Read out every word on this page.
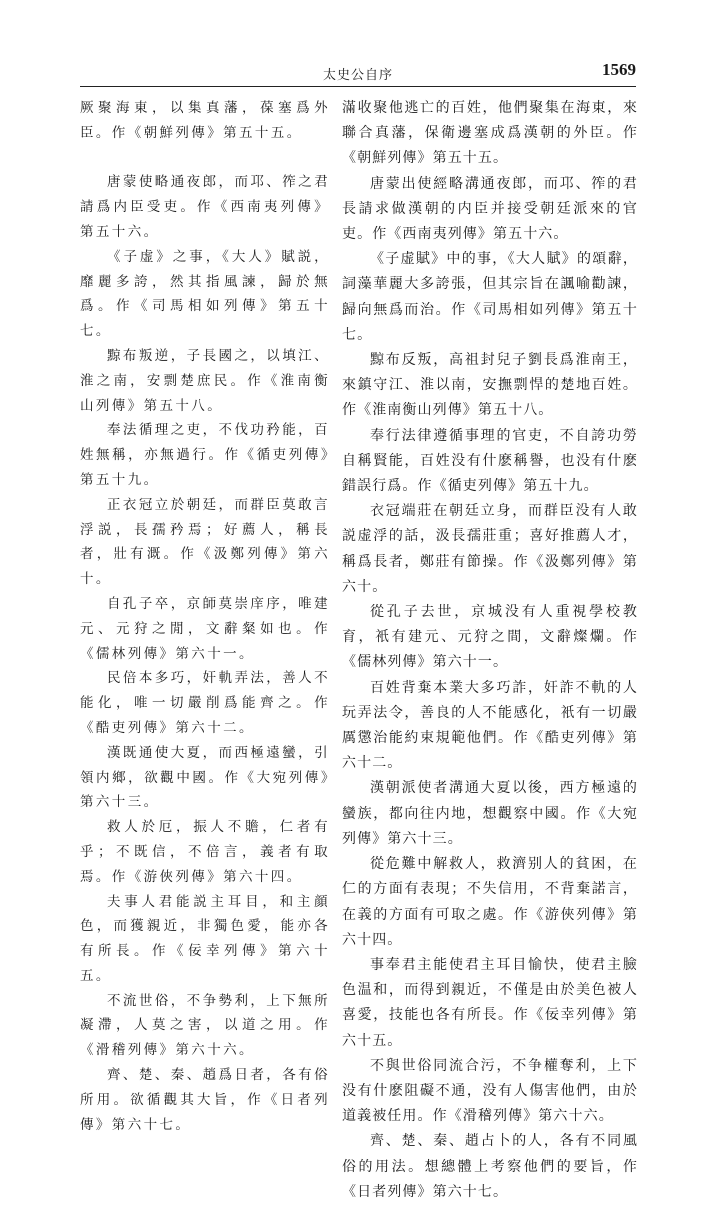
太史公自序	1569

厥聚海東，以集真藩，葆塞爲外臣。作《朝鮮列傳》第五十五。

唐蒙使略通夜郎，而邛、筰之君請爲内臣受吏。作《西南夷列傳》第五十六。

《子虚》之事，《大人》賦説，靡麗多誇，然其指風諫，歸於無爲。作《司馬相如列傳》第五十七。

黥布叛逆，子長國之，以填江、淮之南，安剽楚庶民。作《淮南衡山列傳》第五十八。

奉法循理之吏，不伐功矜能，百姓無稱，亦無過行。作《循吏列傳》第五十九。

正衣冠立於朝廷，而群臣莫敢言浮説，長孺矜焉；好薦人，稱長者，壯有溉。作《汲鄭列傳》第六十。

自孔子卒，京師莫崇庠序，唯建元、元狩之閒，文辭粲如也。作《儒林列傳》第六十一。

民倍本多巧，奸軌弄法，善人不能化，唯一切嚴削爲能齊之。作《酷吏列傳》第六十二。

漢既通使大夏，而西極遠蠻，引領内鄉，欲觀中國。作《大宛列傳》第六十三。

救人於厄，振人不贍，仁者有乎；不既信，不倍言，義者有取焉。作《游俠列傳》第六十四。

夫事人君能説主耳目，和主顔色，而獲親近，非獨色愛，能亦各有所長。作《佞幸列傳》第六十五。

不流世俗，不争勢利，上下無所凝滯，人莫之害，以道之用。作《滑稽列傳》第六十六。

齊、楚、秦、趙爲日者，各有俗所用。欲循觀其大旨，作《日者列傳》第六十七。

滿收聚他逃亡的百姓，他們聚集在海東，來聯合真藩，保衛邊塞成爲漢朝的外臣。作《朝鮮列傳》第五十五。

唐蒙出使經略溝通夜郎，而邛、筰的君長請求做漢朝的内臣并接受朝廷派來的官吏。作《西南夷列傳》第五十六。

《子虚賦》中的事，《大人賦》的頌辭，詞藻華麗大多誇張，但其宗旨在諷喻勸諫，歸向無爲而治。作《司馬相如列傳》第五十七。

黥布反叛，高祖封兒子劉長爲淮南王，來鎮守江、淮以南，安撫剽悍的楚地百姓。作《淮南衡山列傳》第五十八。

奉行法律遵循事理的官吏，不自誇功勞自稱賢能，百姓没有什麽稱譽，也没有什麽錯誤行爲。作《循吏列傳》第五十九。

衣冠端莊在朝廷立身，而群臣没有人敢説虚浮的話，汲長孺莊重；喜好推薦人才，稱爲長者，鄭莊有節操。作《汲鄭列傳》第六十。

從孔子去世，京城没有人重視學校教育，衹有建元、元狩之間，文辭燦爛。作《儒林列傳》第六十一。

百姓背棄本業大多巧詐，奸詐不軌的人玩弄法令，善良的人不能感化，衹有一切嚴厲懲治能約束規範他們。作《酷吏列傳》第六十二。

漢朝派使者溝通大夏以後，西方極遠的蠻族，都向往内地，想觀察中國。作《大宛列傳》第六十三。

從危難中解救人，救濟别人的貧困，在仁的方面有表現；不失信用，不背棄諾言，在義的方面有可取之處。作《游俠列傳》第六十四。

事奉君主能使君主耳目愉快，使君主臉色温和，而得到親近，不僅是由於美色被人喜愛，技能也各有所長。作《佞幸列傳》第六十五。

不與世俗同流合污，不争權奪利，上下没有什麽阻礙不通，没有人傷害他們，由於道義被任用。作《滑稽列傳》第六十六。

齊、楚、秦、趙占卜的人，各有不同風俗的用法。想總體上考察他們的要旨，作《日者列傳》第六十七。
